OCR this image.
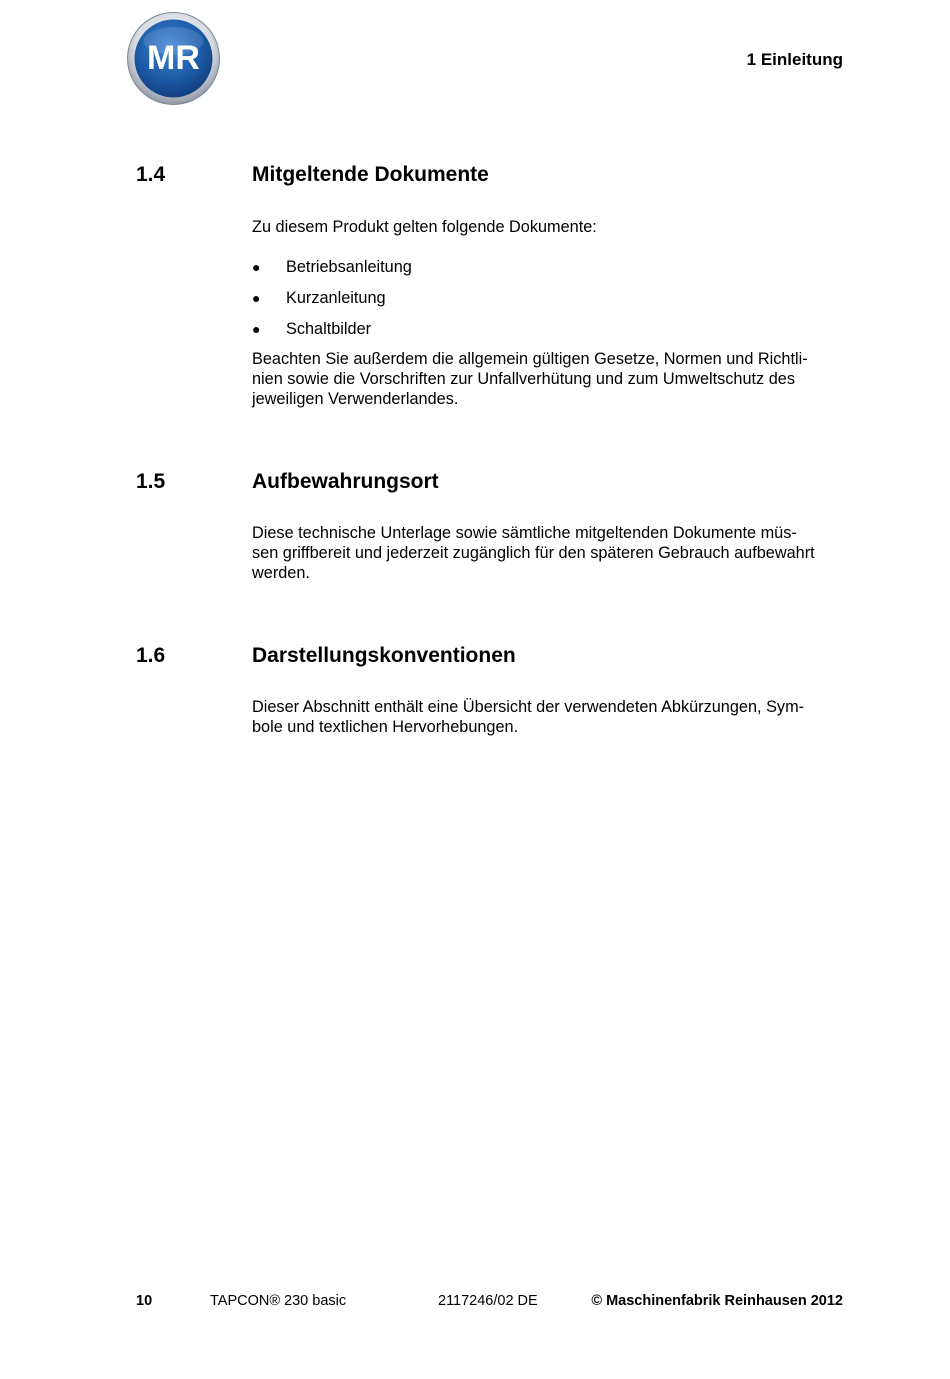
MR	1 Einleitung
1.4	Mitgeltende Dokumente

Zu diesem Produkt gelten folgende Dokumente:

● Betriebsanleitung
● Kurzanleitung
● Schaltbilder
Beachten Sie außerdem die allgemein gültigen Gesetze, Normen und Richtli-
nien sowie die Vorschriften zur Unfallverhütung und zum Umweltschutz des
jeweiligen Verwenderlandes.
1.5	Aufbewahrungsort
Diese technische Unterlage sowie sämtliche mitgeltenden Dokumente müs-
sen griffbereit und jederzeit zugänglich für den späteren Gebrauch aufbewahrt
werden.
1.6	Darstellungskonventionen
Dieser Abschnitt enthält eine Übersicht der verwendeten Abkürzungen, Sym-
bole und textlichen Hervorhebungen.
10	TAPCON® 230 basic	2117246/02 DE	© Maschinenfabrik Reinhausen 2012
